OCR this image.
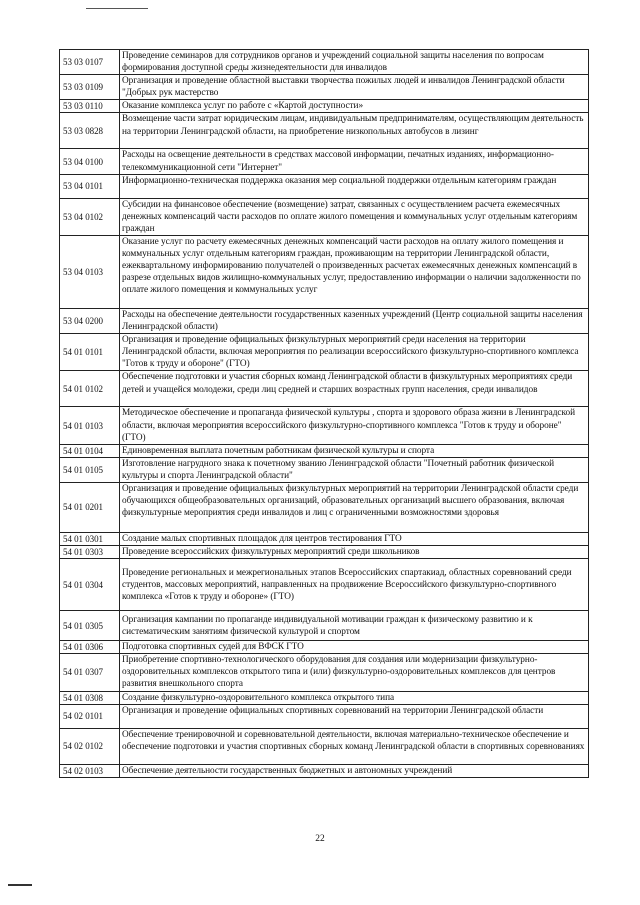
53 03 0107	Проведение семинаров для сотрудников органов и учреждений социальной защиты населения по вопросам формирования доступной среды жизнедеятельности для инвалидов
53 03 0109	Организация и проведение областной выставки творчества пожилых людей и инвалидов Ленинградской области "Добрых рук мастерство
53 03 0110	Оказание комплекса услуг по работе с «Картой доступности»
53 03 0828	Возмещение части затрат юридическим лицам, индивидуальным предпринимателям, осуществляющим деятельность на территории Ленинградской области, на приобретение низкопольных автобусов в лизинг
53 04 0100	Расходы на освещение деятельности в средствах массовой информации, печатных изданиях, информационно-телекоммуникационной сети "Интернет"
53 04 0101	Информационно-техническая поддержка оказания мер социальной поддержки отдельным категориям граждан
53 04 0102	Субсидии на финансовое обеспечение (возмещение) затрат, связанных с осуществлением расчета ежемесячных денежных компенсаций части расходов по оплате жилого помещения и коммунальных услуг отдельным категориям граждан
53 04 0103	Оказание услуг по расчету ежемесячных денежных компенсаций части расходов на оплату жилого помещения и коммунальных услуг отдельным категориям граждан, проживающим на территории Ленинградской области, ежеквартальному информированию получателей о произведенных расчетах ежемесячных денежных компенсаций в разрезе отдельных видов жилищно-коммунальных услуг, предоставлению информации о наличии задолженности по оплате жилого помещения и коммунальных услуг
53 04 0200	Расходы на обеспечение деятельности государственных казенных учреждений (Центр социальной защиты населения Ленинградской области)
54 01 0101	Организация и проведение официальных физкультурных мероприятий среди населения на территории Ленинградской области, включая мероприятия по реализации всероссийского физкультурно-спортивного комплекса "Готов к труду и обороне" (ГТО)
54 01 0102	Обеспечение подготовки и участия сборных команд Ленинградской области в физкультурных мероприятиях среди детей и учащейся молодежи, среди лиц средней и старших возрастных групп населения, среди инвалидов
54 01 0103	Методическое обеспечение и пропаганда физической культуры , спорта и здорового образа жизни в Ленинградской области, включая мероприятия всероссийского физкультурно-спортивного комплекса "Готов к труду и обороне" (ГТО)
54 01 0104	Единовременная выплата почетным работникам физической культуры и спорта
54 01 0105	Изготовление нагрудного знака к почетному званию Ленинградской области "Почетный работник физической культуры и спорта Ленинградской области"
54 01 0201	Организация и проведение официальных физкультурных мероприятий на территории Ленинградской области среди обучающихся общеобразовательных организаций, образовательных организаций высшего образования, включая физкультурные мероприятия среди инвалидов и лиц с ограниченными возможностями здоровья
54 01 0301	Создание малых спортивных площадок для центров тестирования ГТО
54 01 0303	Проведение всероссийских физкультурных мероприятий среди школьников
54 01 0304	Проведение региональных и межрегиональных этапов Всероссийских спартакиад, областных соревнований среди студентов, массовых мероприятий, направленных на продвижение Всероссийского физкультурно-спортивного комплекса «Готов к труду и обороне» (ГТО)
54 01 0305	Организация кампании по пропаганде индивидуальной мотивации граждан к физическому развитию и к систематическим занятиям физической культурой и спортом
54 01 0306	Подготовка спортивных судей для ВФСК ГТО
54 01 0307	Приобретение спортивно-технологического оборудования для создания или модернизации физкультурно-оздоровительных комплексов открытого типа и (или) физкультурно-оздоровительных комплексов для центров развития внешкольного спорта
54 01 0308	Создание физкультурно-оздоровительного комплекса открытого типа
54 02 0101	Организация и проведение официальных спортивных соревнований на территории Ленинградской области
54 02 0102	Обеспечение тренировочной и соревновательной деятельности, включая материально-техническое обеспечение и обеспечение подготовки и участия спортивных сборных команд Ленинградской области в спортивных соревнованиях
54 02 0103	Обеспечение деятельности государственных бюджетных и автономных учреждений
22
